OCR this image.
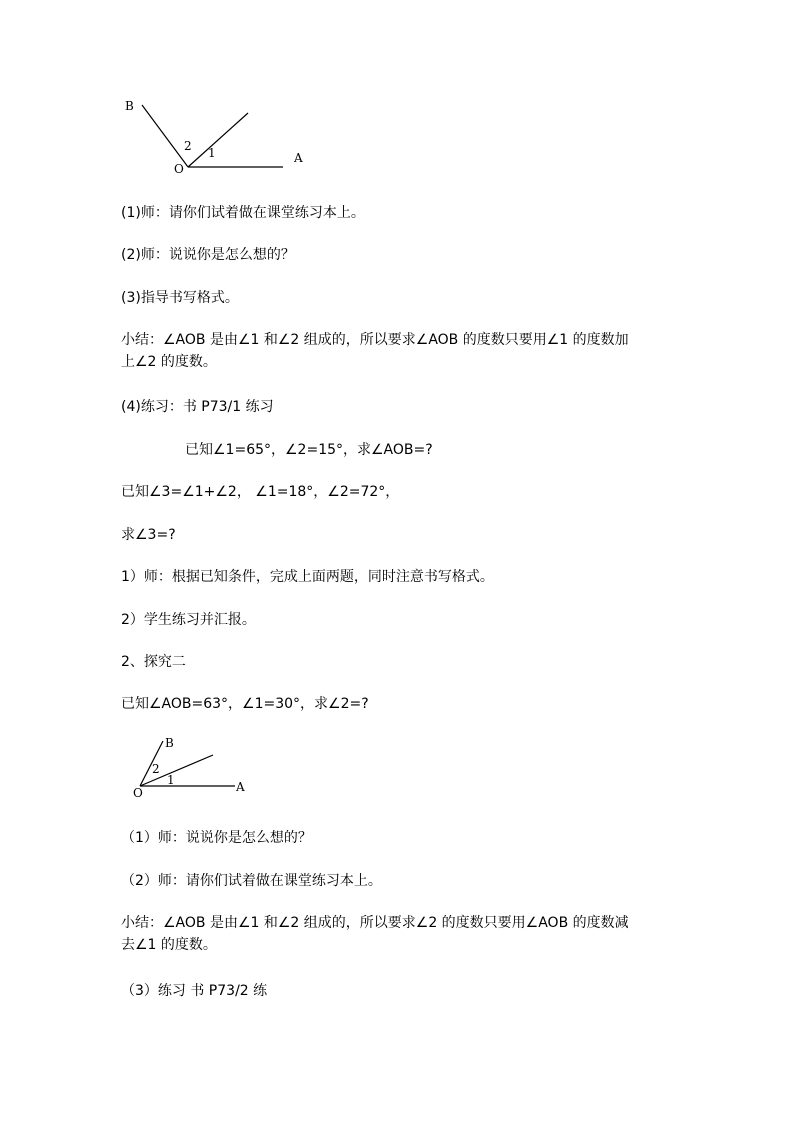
B
2 1
O
A

(1)师：请你们试着做在课堂练习本上。

(2)师：说说你是怎么想的？

(3)指导书写格式。

小结：∠AOB 是由∠1 和∠2 组成的，所以要求∠AOB 的度数只要用∠1 的度数加
上∠2 的度数。

(4)练习：书 P73/1 练习

已知∠1=65°，∠2=15°，求∠AOB=?

已知∠3=∠1+∠2， ∠1=18°，∠2=72°，

求∠3=?

1）师：根据已知条件，完成上面两题，同时注意书写格式。

2）学生练习并汇报。

2、探究二

已知∠AOB=63°，∠1=30°，求∠2=?

B
2
1
O	A

（1）师：说说你是怎么想的？

（2）师：请你们试着做在课堂练习本上。

小结：∠AOB 是由∠1 和∠2 组成的，所以要求∠2 的度数只要用∠AOB 的度数减
去∠1 的度数。

（3）练习 书 P73/2 练
